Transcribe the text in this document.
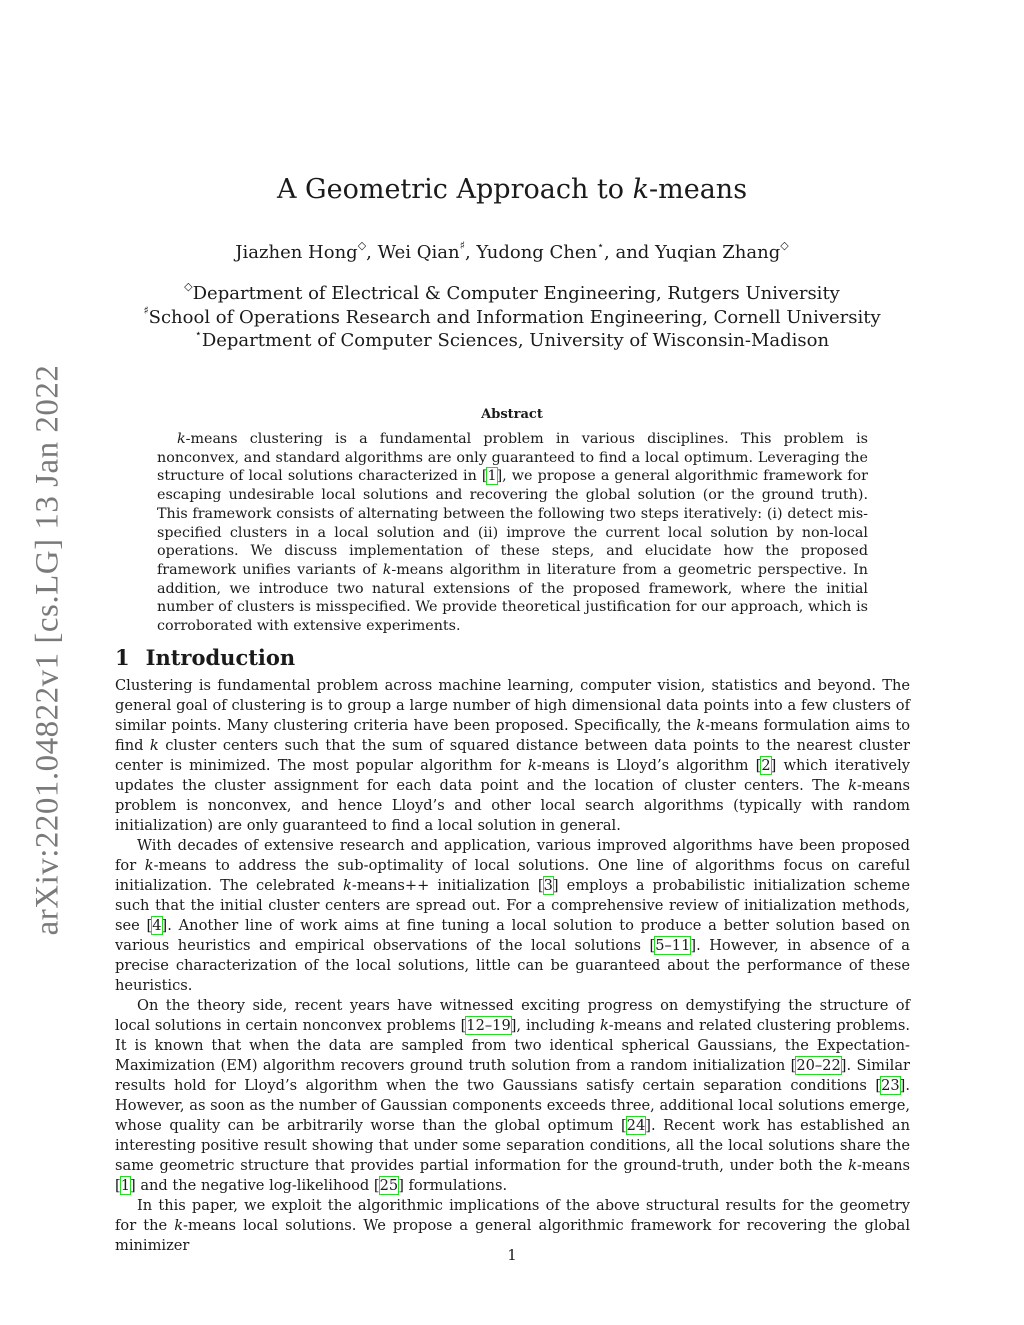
arXiv:2201.04822v1 [cs.LG] 13 Jan 2022
A Geometric Approach to k-means
Jiazhen Hong◇, Wei Qian♯, Yudong Chen⋆, and Yuqian Zhang◇
◇Department of Electrical & Computer Engineering, Rutgers University
♯School of Operations Research and Information Engineering, Cornell University
⋆Department of Computer Sciences, University of Wisconsin-Madison
Abstract

k-means clustering is a fundamental problem in various disciplines. This problem is nonconvex, and standard algorithms are only guaranteed to find a local optimum. Leveraging the structure of local solutions characterized in [1], we propose a general algorithmic framework for escaping undesirable local solutions and recovering the global solution (or the ground truth). This framework consists of alternating between the following two steps iteratively: (i) detect mis-specified clusters in a local solution and (ii) improve the current local solution by non-local operations. We discuss implementation of these steps, and elucidate how the proposed framework unifies variants of k-means algorithm in literature from a geometric perspective. In addition, we introduce two natural extensions of the proposed framework, where the initial number of clusters is misspecified. We provide theoretical justification for our approach, which is corroborated with extensive experiments.

1 Introduction

Clustering is fundamental problem across machine learning, computer vision, statistics and beyond. The general goal of clustering is to group a large number of high dimensional data points into a few clusters of similar points. Many clustering criteria have been proposed. Specifically, the k-means formulation aims to find k cluster centers such that the sum of squared distance between data points to the nearest cluster center is minimized. The most popular algorithm for k-means is Lloyd’s algorithm [2] which iteratively updates the cluster assignment for each data point and the location of cluster centers. The k-means problem is nonconvex, and hence Lloyd’s and other local search algorithms (typically with random initialization) are only guaranteed to find a local solution in general.

With decades of extensive research and application, various improved algorithms have been proposed for k-means to address the sub-optimality of local solutions. One line of algorithms focus on careful initialization. The celebrated k-means++ initialization [3] employs a probabilistic initialization scheme such that the initial cluster centers are spread out. For a comprehensive review of initialization methods, see [4]. Another line of work aims at fine tuning a local solution to produce a better solution based on various heuristics and empirical observations of the local solutions [5–11]. However, in absence of a precise characterization of the local solutions, little can be guaranteed about the performance of these heuristics.

On the theory side, recent years have witnessed exciting progress on demystifying the structure of local solutions in certain nonconvex problems [12–19], including k-means and related clustering problems. It is known that when the data are sampled from two identical spherical Gaussians, the Expectation-Maximization (EM) algorithm recovers ground truth solution from a random initialization [20–22]. Similar results hold for Lloyd’s algorithm when the two Gaussians satisfy certain separation conditions [23]. However, as soon as the number of Gaussian components exceeds three, additional local solutions emerge, whose quality can be arbitrarily worse than the global optimum [24]. Recent work has established an interesting positive result showing that under some separation conditions, all the local solutions share the same geometric structure that provides partial information for the ground-truth, under both the k-means [1] and the negative log-likelihood [25] formulations.

In this paper, we exploit the algorithmic implications of the above structural results for the geometry for the k-means local solutions. We propose a general algorithmic framework for recovering the global minimizer

1
